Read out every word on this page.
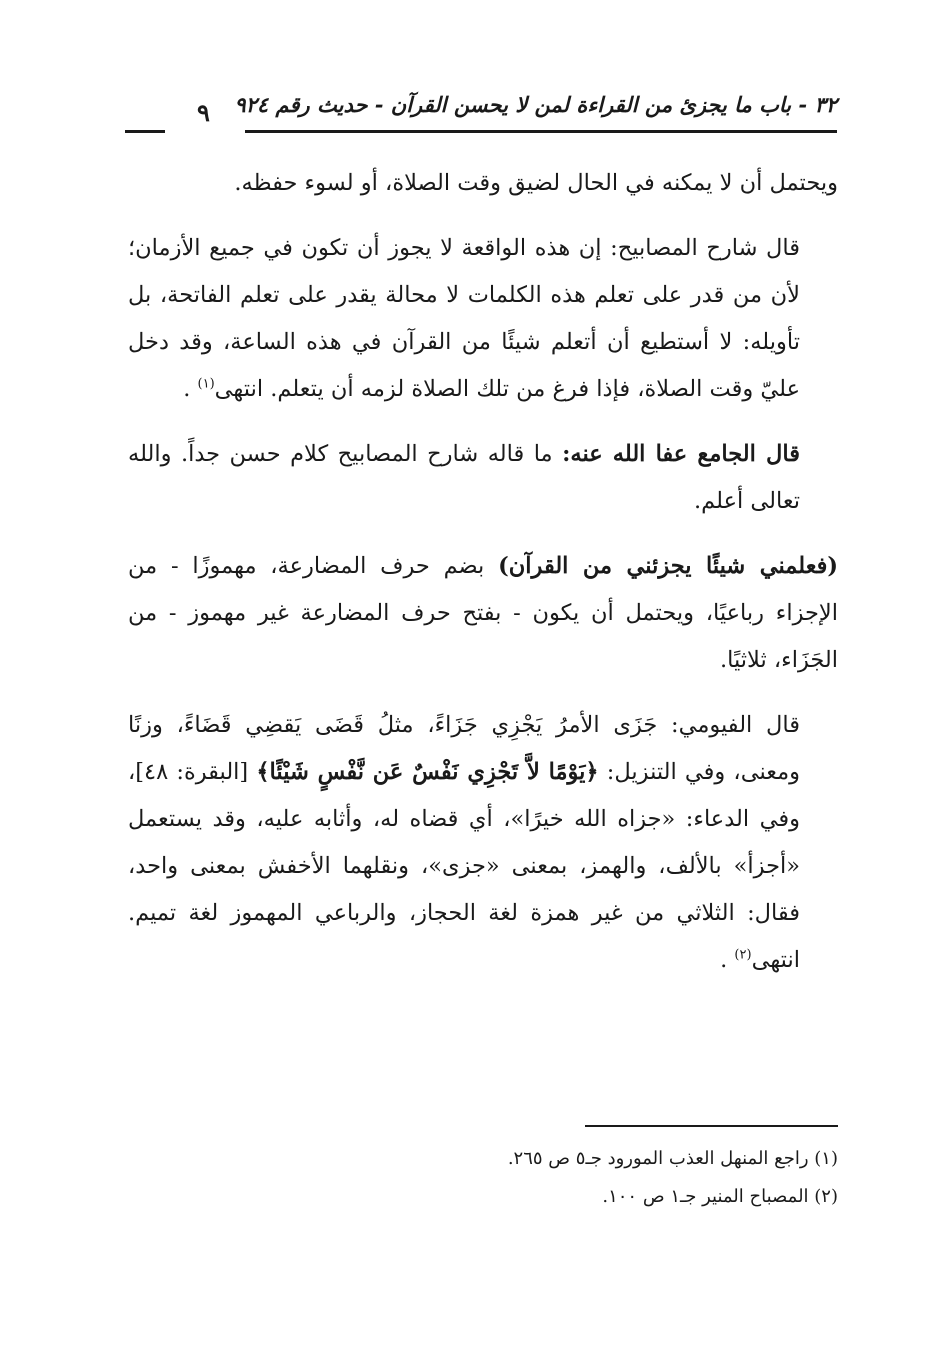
٣٢ - باب ما يجزئ من القراءة لمن لا يحسن القرآن - حديث رقم ٩٢٤
٩

ويحتمل أن لا يمكنه في الحال لضيق وقت الصلاة، أو لسوء حفظه.

قال شارح المصابيح: إن هذه الواقعة لا يجوز أن تكون في جميع الأزمان؛ لأن من قدر على تعلم هذه الكلمات لا محالة يقدر على تعلم الفاتحة، بل تأويله: لا أستطيع أن أتعلم شيئًا من القرآن في هذه الساعة، وقد دخل عليّ وقت الصلاة، فإذا فرغ من تلك الصلاة لزمه أن يتعلم. انتهى$^{(١)}$ .

قال الجامع عفا الله عنه: ما قاله شارح المصابيح كلام حسن جداً. والله تعالى أعلم.

(فعلمني شيئًا يجزئني من القرآن) بضم حرف المضارعة، مهموزًا - من الإجزاء رباعيًا، ويحتمل أن يكون - بفتح حرف المضارعة غير مهموز - من الجَزَاء، ثلاثيًا.

قال الفيومي: جَزَى الأمرُ يَجْزِي جَزَاءً، مثلُ قَضَى يَقضِي قَضَاءً، وزنًا ومعنى، وفي التنزيل: ﴿يَوْمًا لاَّ تَجْزِي نَفْسٌ عَن نَّفْسٍ شَيْئًا﴾ [البقرة: ٤٨]، وفي الدعاء: «جزاه الله خيرًا»، أي قضاه له، وأثابه عليه، وقد يستعمل «أجزأ» بالألف، والهمز، بمعنى «جزى»، ونقلهما الأخفش بمعنى واحد، فقال: الثلاثي من غير همزة لغة الحجاز، والرباعي المهموز لغة تميم. انتهى$^{(٢)}$ .

(١) راجع المنهل العذب المورود جـ٥ ص ٢٦٥.

(٢) المصباح المنير جـ١ ص ١٠٠.
